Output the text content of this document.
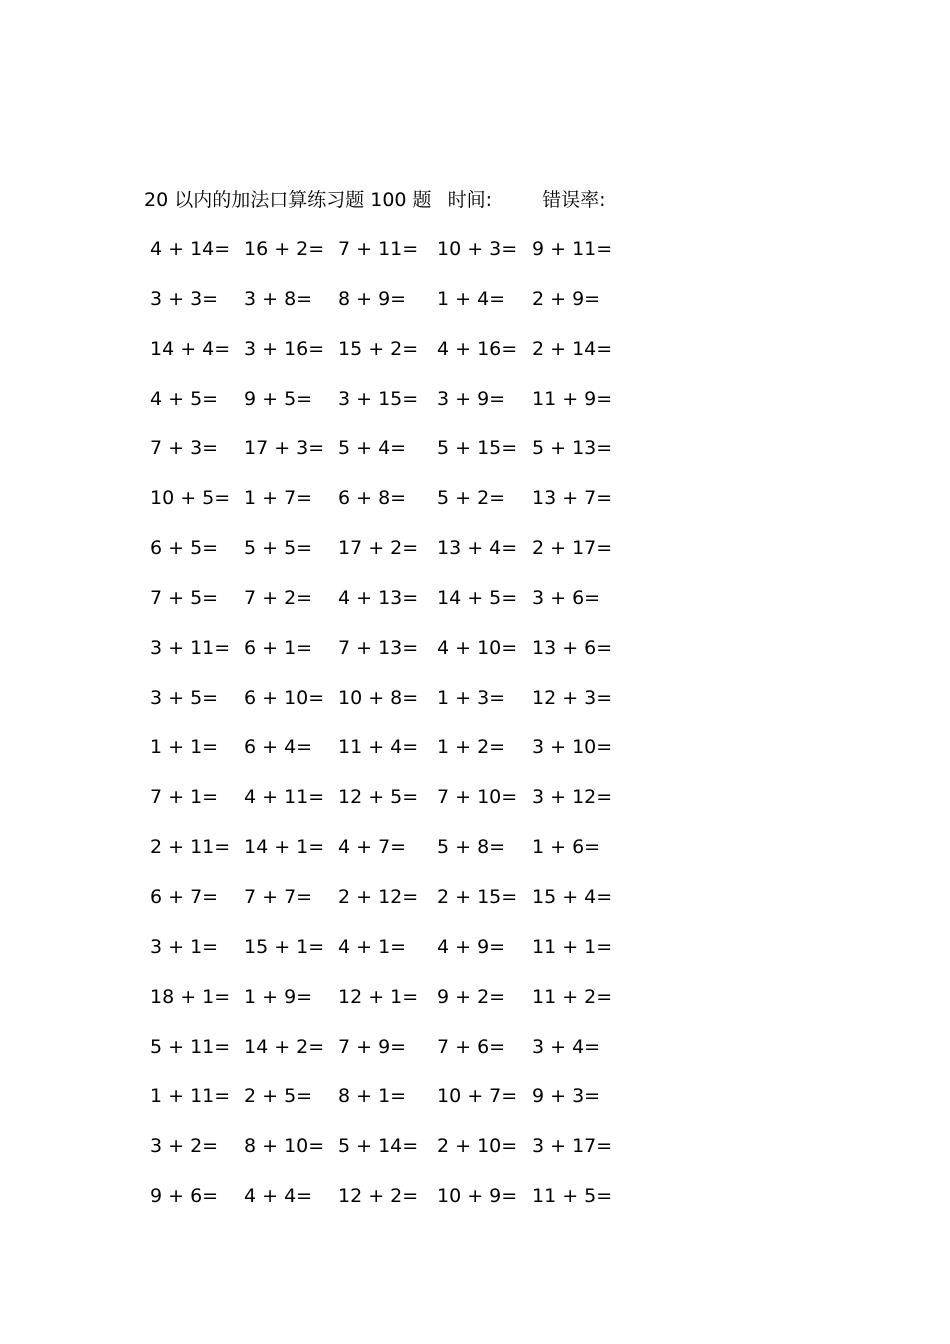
20 以内的加法口算练习题 100 题 时间:	错误率:
4 + 14= 16 + 2= 7 + 11= 10 + 3= 9 + 11=
3 + 3= 3 + 8= 8 + 9= 1 + 4= 2 + 9=
14 + 4= 3 + 16= 15 + 2= 4 + 16= 2 + 14=
4 + 5= 9 + 5= 3 + 15= 3 + 9= 11 + 9=
7 + 3= 17 + 3= 5 + 4= 5 + 15= 5 + 13=
10 + 5= 1 + 7= 6 + 8= 5 + 2= 13 + 7=
6 + 5= 5 + 5= 17 + 2= 13 + 4= 2 + 17=
7 + 5= 7 + 2= 4 + 13= 14 + 5= 3 + 6=
3 + 11= 6 + 1= 7 + 13= 4 + 10= 13 + 6=
3 + 5= 6 + 10= 10 + 8= 1 + 3= 12 + 3=
1 + 1= 6 + 4= 11 + 4= 1 + 2= 3 + 10=
7 + 1= 4 + 11= 12 + 5= 7 + 10= 3 + 12=
2 + 11= 14 + 1= 4 + 7= 5 + 8= 1 + 6=
6 + 7= 7 + 7= 2 + 12= 2 + 15= 15 + 4=
3 + 1= 15 + 1= 4 + 1= 4 + 9= 11 + 1=
18 + 1= 1 + 9= 12 + 1= 9 + 2= 11 + 2=
5 + 11= 14 + 2= 7 + 9= 7 + 6= 3 + 4=
1 + 11= 2 + 5= 8 + 1= 10 + 7= 9 + 3=
3 + 2= 8 + 10= 5 + 14= 2 + 10= 3 + 17=
9 + 6= 4 + 4= 12 + 2= 10 + 9= 11 + 5=
